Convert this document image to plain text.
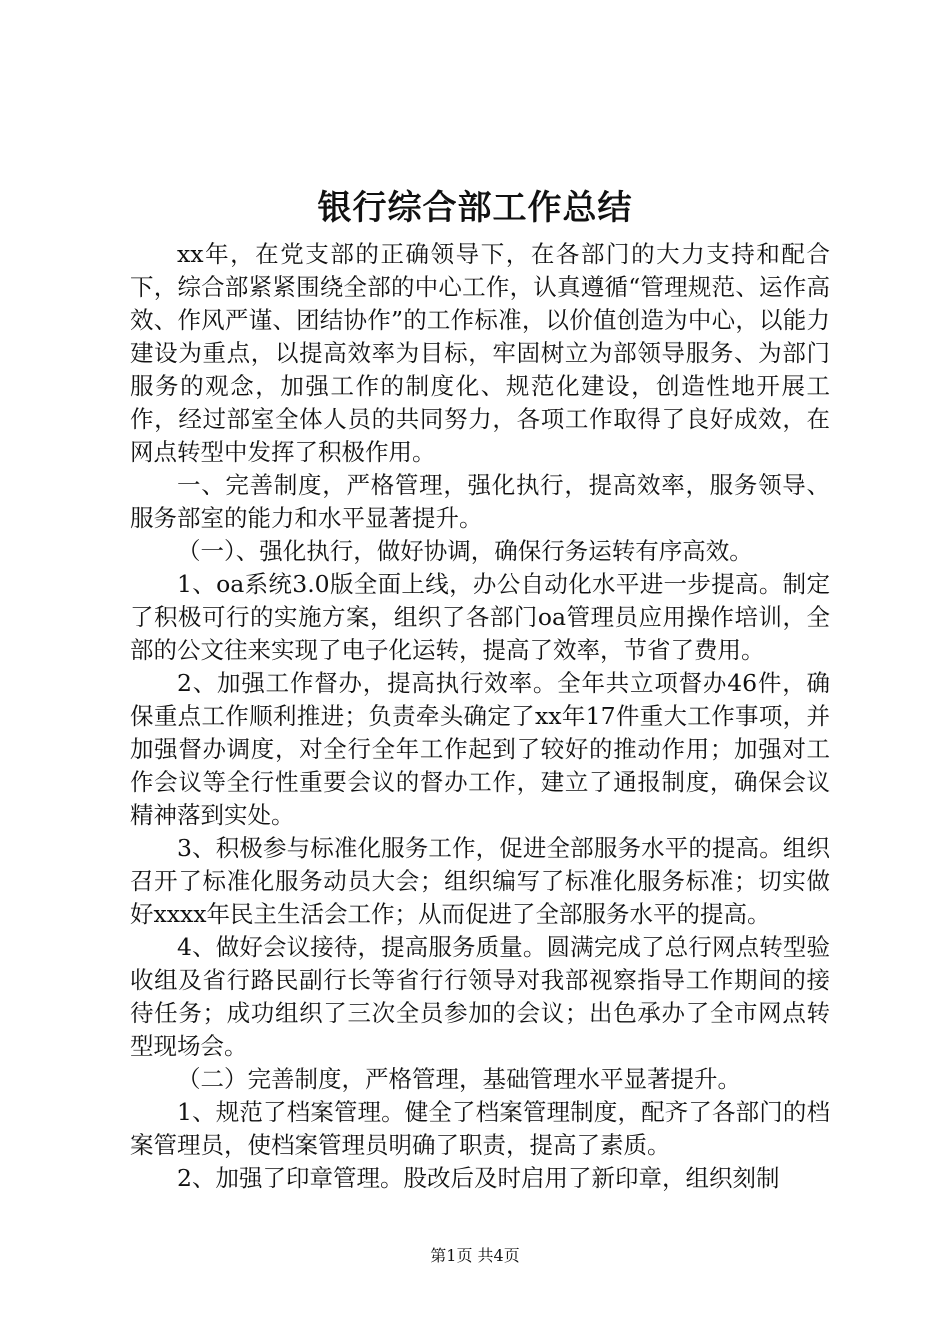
银行综合部工作总结

xx年，在党支部的正确领导下，在各部门的大力支持和配合下，综合部紧紧围绕全部的中心工作，认真遵循“管理规范、运作高效、作风严谨、团结协作”的工作标准，以价值创造为中心，以能力建设为重点，以提高效率为目标，牢固树立为部领导服务、为部门服务的观念，加强工作的制度化、规范化建设，创造性地开展工作，经过部室全体人员的共同努力，各项工作取得了良好成效，在网点转型中发挥了积极作用。

一、完善制度，严格管理，强化执行，提高效率，服务领导、服务部室的能力和水平显著提升。

（一）、强化执行，做好协调，确保行务运转有序高效。

1、oa系统3.0版全面上线，办公自动化水平进一步提高。制定了积极可行的实施方案，组织了各部门oa管理员应用操作培训，全部的公文往来实现了电子化运转，提高了效率，节省了费用。

2、加强工作督办，提高执行效率。全年共立项督办46件，确保重点工作顺利推进；负责牵头确定了xx年17件重大工作事项，并加强督办调度，对全行全年工作起到了较好的推动作用；加强对工作会议等全行性重要会议的督办工作，建立了通报制度，确保会议精神落到实处。

3、积极参与标准化服务工作，促进全部服务水平的提高。组织召开了标准化服务动员大会；组织编写了标准化服务标准；切实做好xxxx年民主生活会工作；从而促进了全部服务水平的提高。

4、做好会议接待，提高服务质量。圆满完成了总行网点转型验收组及省行路民副行长等省行行领导对我部视察指导工作期间的接待任务；成功组织了三次全员参加的会议；出色承办了全市网点转型现场会。

（二）完善制度，严格管理，基础管理水平显著提升。

1、规范了档案管理。健全了档案管理制度，配齐了各部门的档案管理员，使档案管理员明确了职责，提高了素质。

2、加强了印章管理。股改后及时启用了新印章，组织刻制

第1页 共4页
